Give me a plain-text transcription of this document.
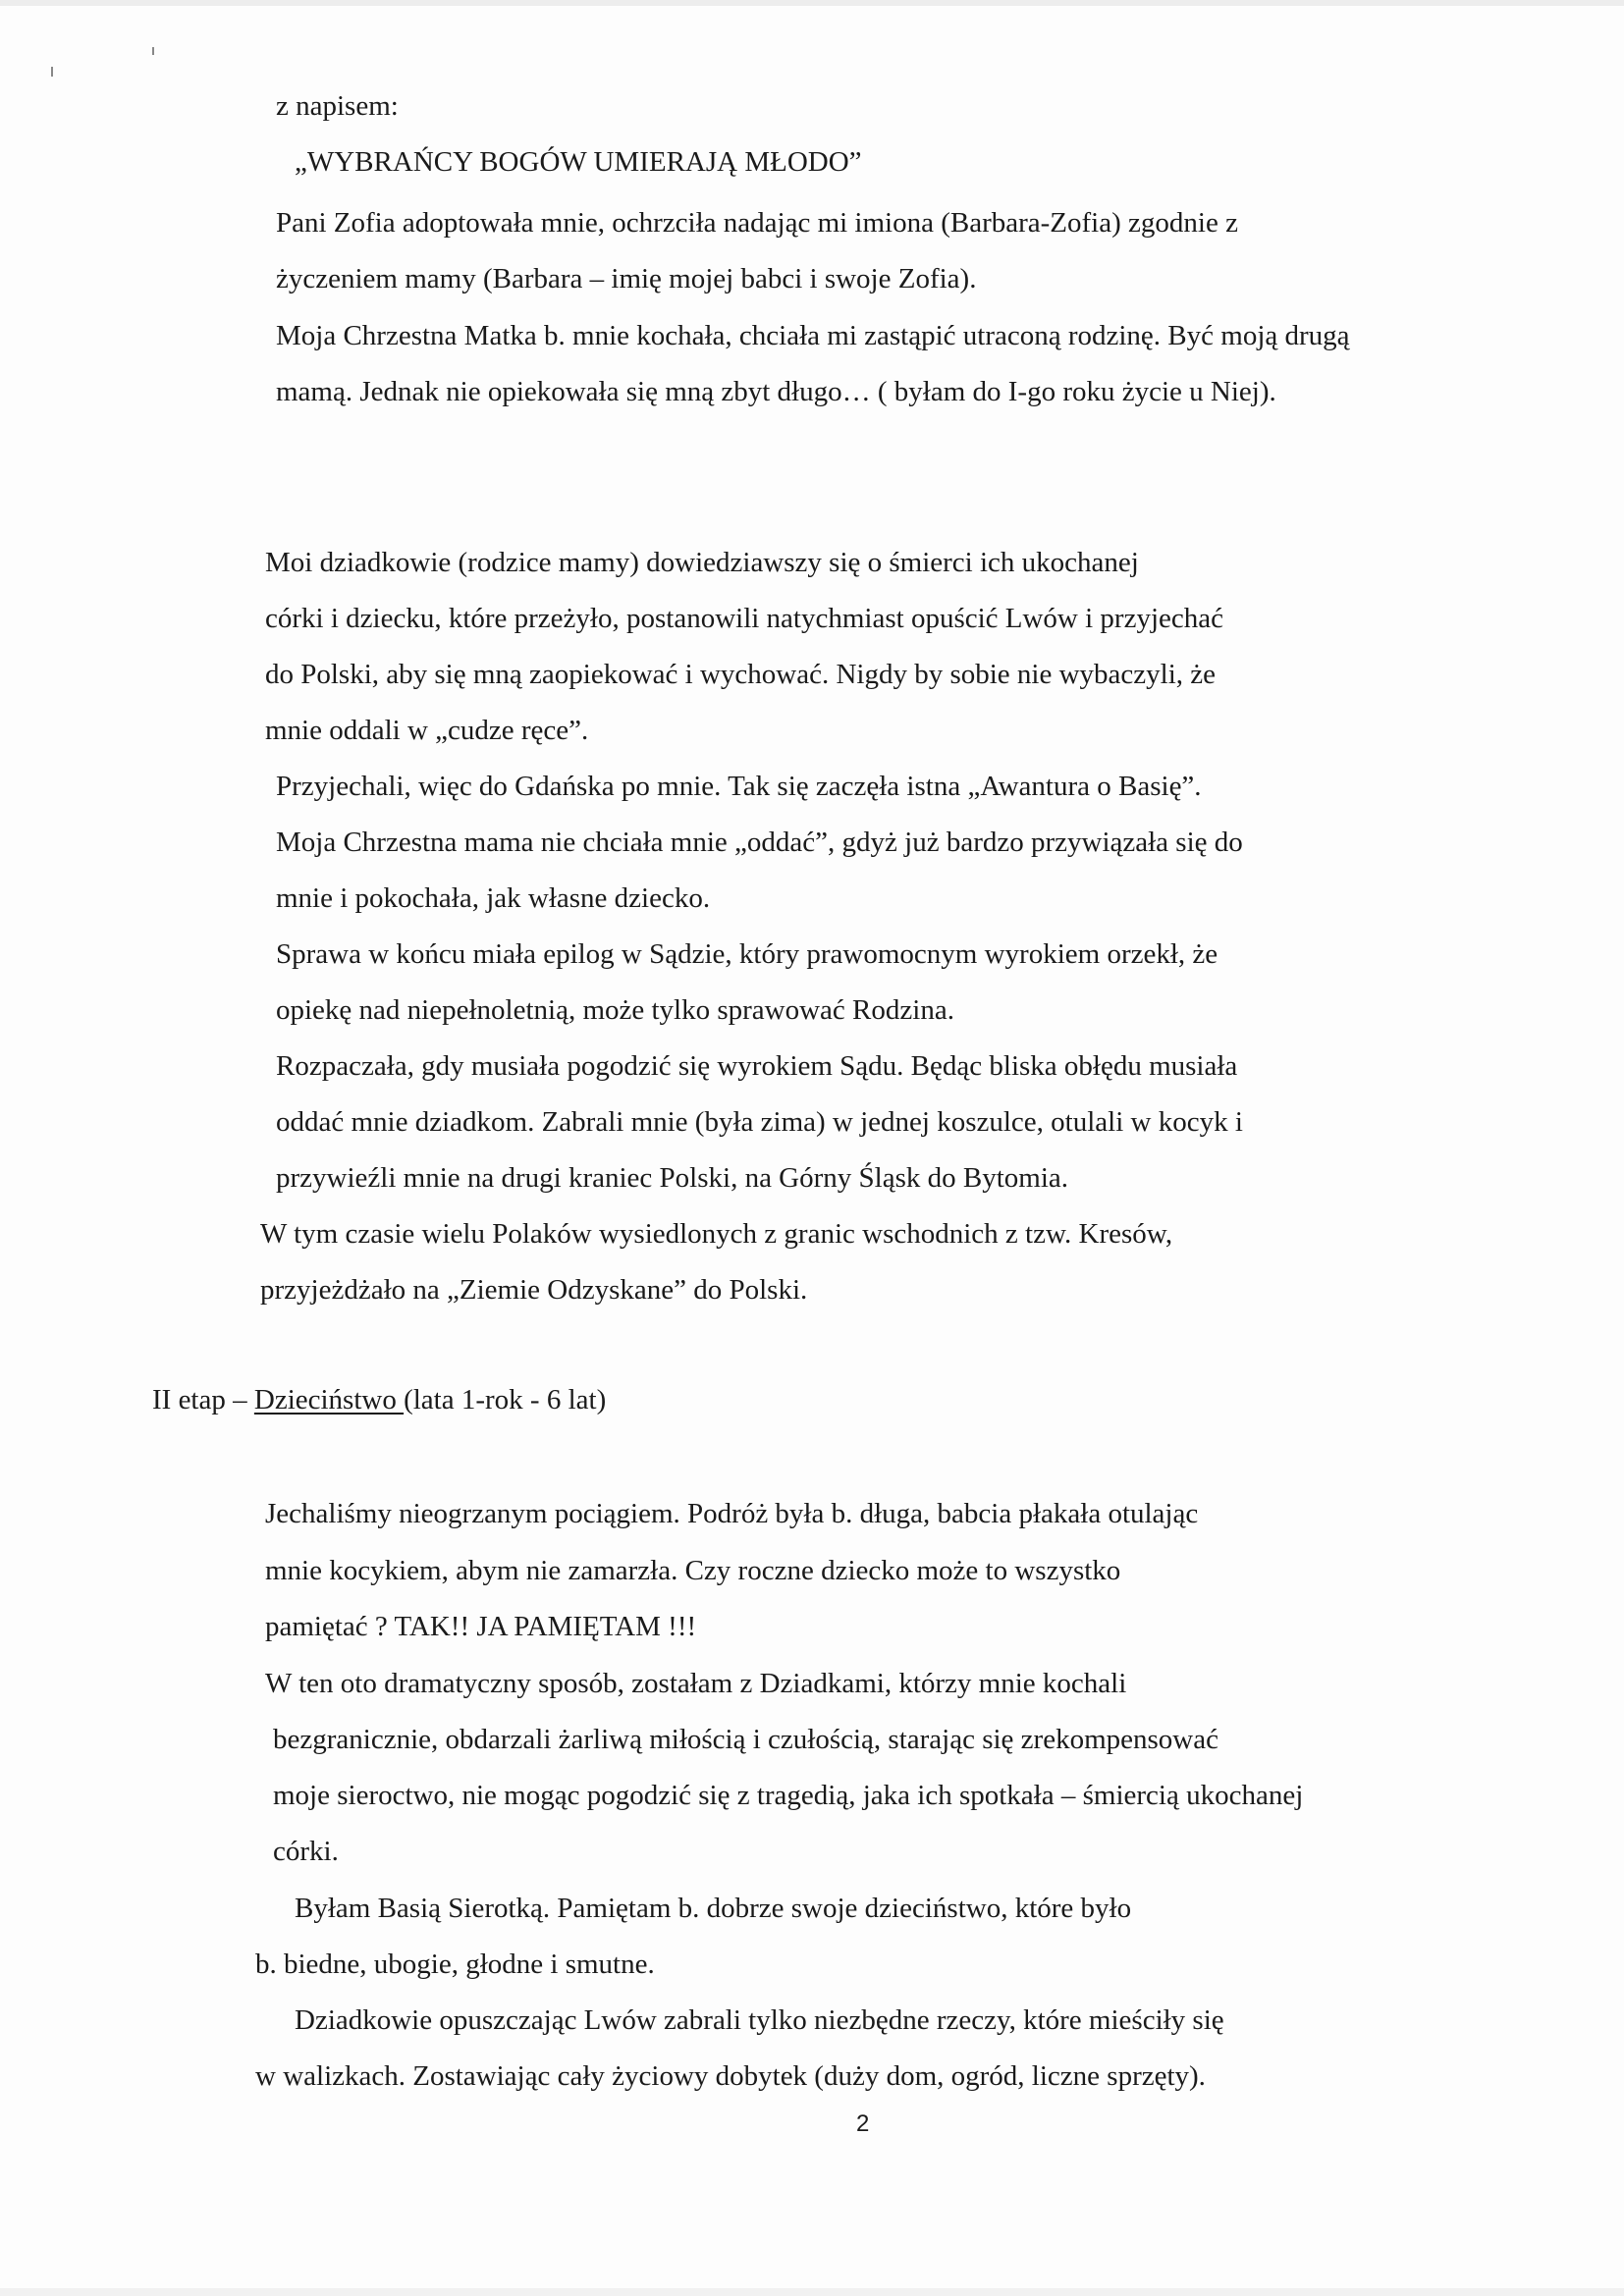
z napisem:
„WYBRAŃCY BOGÓW UMIERAJĄ MŁODO”
Pani Zofia adoptowała mnie, ochrzciła nadając mi imiona (Barbara-Zofia) zgodnie z
życzeniem mamy (Barbara – imię mojej babci i swoje Zofia).
Moja Chrzestna Matka b. mnie kochała, chciała mi zastąpić utraconą rodzinę. Być moją drugą
mamą. Jednak nie opiekowała się mną zbyt długo… ( byłam do I-go roku życie u Niej).
Moi dziadkowie (rodzice mamy) dowiedziawszy się o śmierci ich ukochanej
córki i dziecku, które przeżyło, postanowili natychmiast opuścić Lwów i przyjechać
do Polski, aby się mną zaopiekować i wychować. Nigdy by sobie nie wybaczyli, że
mnie oddali w „cudze ręce”.
Przyjechali, więc do Gdańska po mnie. Tak się zaczęła istna „Awantura o Basię”.
Moja Chrzestna mama nie chciała mnie „oddać”, gdyż już bardzo przywiązała się do
mnie i pokochała, jak własne dziecko.
Sprawa w końcu miała epilog w Sądzie, który prawomocnym wyrokiem orzekł, że
opiekę nad niepełnoletnią, może tylko sprawować Rodzina.
Rozpaczała, gdy musiała pogodzić się wyrokiem Sądu. Będąc bliska obłędu musiała
oddać mnie dziadkom. Zabrali mnie (była zima) w jednej koszulce, otulali w kocyk i
przywieźli mnie na drugi kraniec Polski, na Górny Śląsk do Bytomia.
W tym czasie wielu Polaków wysiedlonych z granic wschodnich z tzw. Kresów,
przyjeżdżało na „Ziemie Odzyskane” do Polski.
II etap – Dzieciństwo (lata 1-rok - 6 lat)
Jechaliśmy nieogrzanym pociągiem. Podróż była b. długa, babcia płakała otulając
mnie kocykiem, abym nie zamarzła. Czy roczne dziecko może to wszystko
pamiętać ? TAK!! JA PAMIĘTAM !!!
W ten oto dramatyczny sposób, zostałam z Dziadkami, którzy mnie kochali
bezgranicznie, obdarzali żarliwą miłością i czułością, starając się zrekompensować
moje sieroctwo, nie mogąc pogodzić się z tragedią, jaka ich spotkała – śmiercią ukochanej
córki.
Byłam Basią Sierotką. Pamiętam b. dobrze swoje dzieciństwo, które było
b. biedne, ubogie, głodne i smutne.
Dziadkowie opuszczając Lwów zabrali tylko niezbędne rzeczy, które mieściły się
w walizkach. Zostawiając cały życiowy dobytek (duży dom, ogród, liczne sprzęty).
2
